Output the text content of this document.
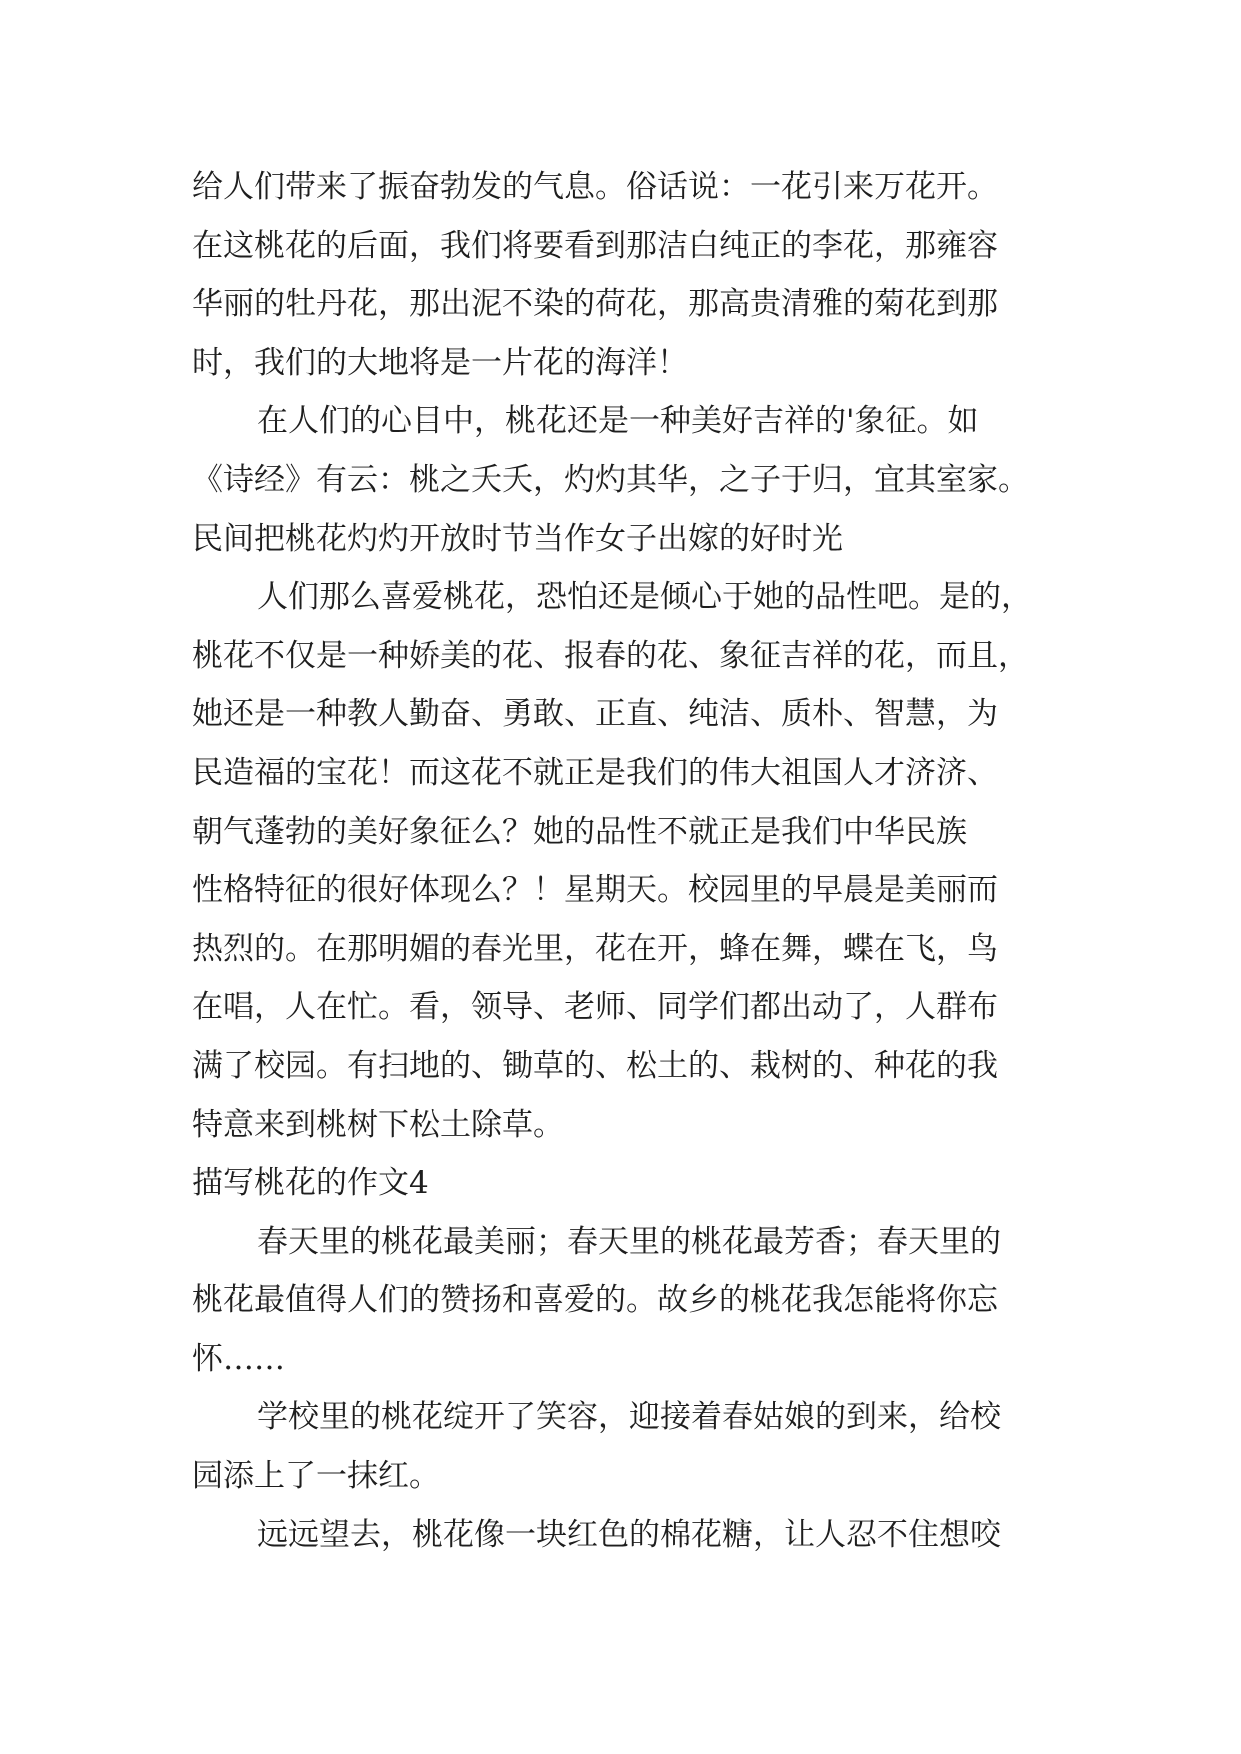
给人们带来了振奋勃发的气息。俗话说：一花引来万花开。
在这桃花的后面，我们将要看到那洁白纯正的李花，那雍容
华丽的牡丹花，那出泥不染的荷花，那高贵清雅的菊花到那
时，我们的大地将是一片花的海洋！
在人们的心目中，桃花还是一种美好吉祥的'象征。如
《诗经》有云：桃之夭夭，灼灼其华，之子于归，宜其室家。
民间把桃花灼灼开放时节当作女子出嫁的好时光
人们那么喜爱桃花，恐怕还是倾心于她的品性吧。是的，
桃花不仅是一种娇美的花、报春的花、象征吉祥的花，而且，
她还是一种教人勤奋、勇敢、正直、纯洁、质朴、智慧，为
民造福的宝花！而这花不就正是我们的伟大祖国人才济济、
朝气蓬勃的美好象征么？她的品性不就正是我们中华民族
性格特征的很好体现么？！星期天。校园里的早晨是美丽而
热烈的。在那明媚的春光里，花在开，蜂在舞，蝶在飞，鸟
在唱，人在忙。看，领导、老师、同学们都出动了，人群布
满了校园。有扫地的、锄草的、松土的、栽树的、种花的我
特意来到桃树下松土除草。
描写桃花的作文4
春天里的桃花最美丽；春天里的桃花最芳香；春天里的
桃花最值得人们的赞扬和喜爱的。故乡的桃花我怎能将你忘
怀……
学校里的桃花绽开了笑容，迎接着春姑娘的到来，给校
园添上了一抹红。
远远望去，桃花像一块红色的棉花糖，让人忍不住想咬
